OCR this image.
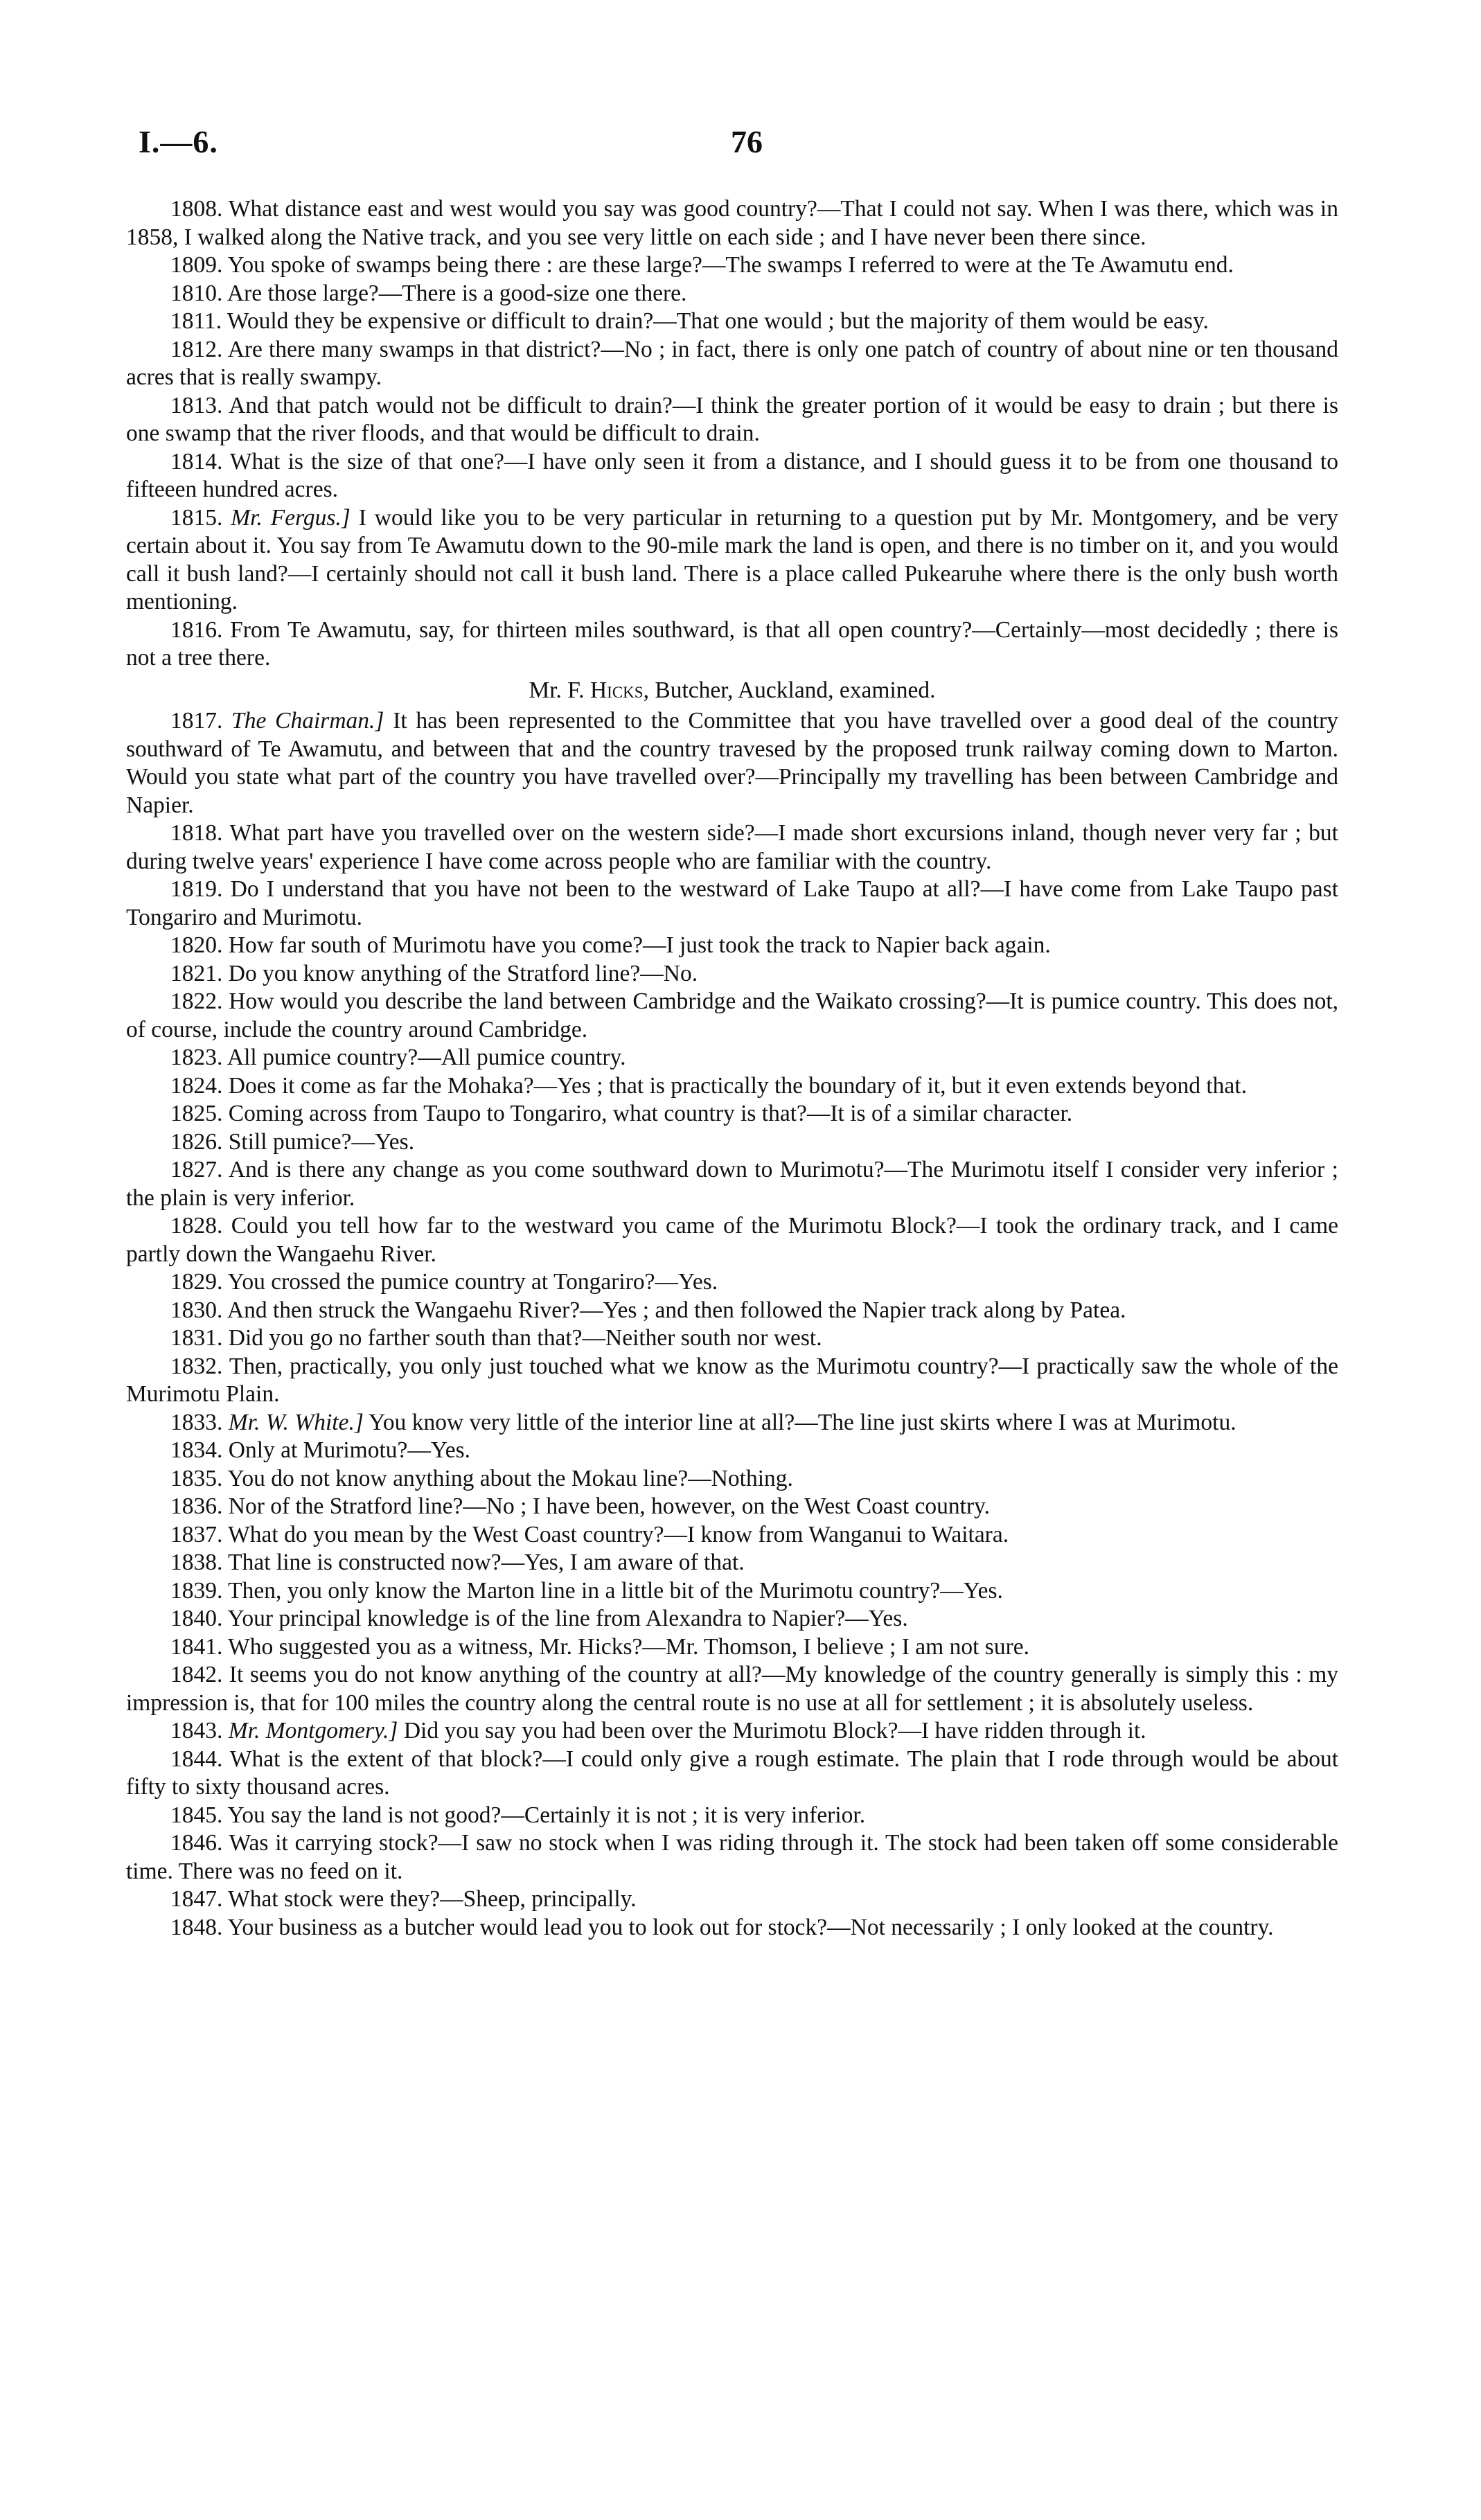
I.—6.	76

1808. What distance east and west would you say was good country?—That I could not say. When I was there, which was in 1858, I walked along the Native track, and you see very little on each side ; and I have never been there since.

1809. You spoke of swamps being there : are these large?—The swamps I referred to were at the Te Awamutu end.

1810. Are those large?—There is a good-size one there.

1811. Would they be expensive or difficult to drain?—That one would ; but the majority of them would be easy.

1812. Are there many swamps in that district?—No ; in fact, there is only one patch of country of about nine or ten thousand acres that is really swampy.

1813. And that patch would not be difficult to drain?—I think the greater portion of it would be easy to drain ; but there is one swamp that the river floods, and that would be difficult to drain.

1814. What is the size of that one?—I have only seen it from a distance, and I should guess it to be from one thousand to fifteeen hundred acres.

1815. Mr. Fergus.] I would like you to be very particular in returning to a question put by Mr. Montgomery, and be very certain about it. You say from Te Awamutu down to the 90-mile mark the land is open, and there is no timber on it, and you would call it bush land?—I certainly should not call it bush land. There is a place called Pukearuhe where there is the only bush worth mentioning.

1816. From Te Awamutu, say, for thirteen miles southward, is that all open country?—Certainly—most decidedly ; there is not a tree there.

Mr. F. Hicks, Butcher, Auckland, examined.

1817. The Chairman.] It has been represented to the Committee that you have travelled over a good deal of the country southward of Te Awamutu, and between that and the country travesed by the proposed trunk railway coming down to Marton. Would you state what part of the country you have travelled over?—Principally my travelling has been between Cambridge and Napier.

1818. What part have you travelled over on the western side?—I made short excursions inland, though never very far ; but during twelve years' experience I have come across people who are familiar with the country.

1819. Do I understand that you have not been to the westward of Lake Taupo at all?—I have come from Lake Taupo past Tongariro and Murimotu.

1820. How far south of Murimotu have you come?—I just took the track to Napier back again.

1821. Do you know anything of the Stratford line?—No.

1822. How would you describe the land between Cambridge and the Waikato crossing?—It is pumice country. This does not, of course, include the country around Cambridge.

1823. All pumice country?—All pumice country.

1824. Does it come as far the Mohaka?—Yes ; that is practically the boundary of it, but it even extends beyond that.

1825. Coming across from Taupo to Tongariro, what country is that?—It is of a similar character.

1826. Still pumice?—Yes.

1827. And is there any change as you come southward down to Murimotu?—The Murimotu itself I consider very inferior ; the plain is very inferior.

1828. Could you tell how far to the westward you came of the Murimotu Block?—I took the ordinary track, and I came partly down the Wangaehu River.

1829. You crossed the pumice country at Tongariro?—Yes.

1830. And then struck the Wangaehu River?—Yes ; and then followed the Napier track along by Patea.

1831. Did you go no farther south than that?—Neither south nor west.

1832. Then, practically, you only just touched what we know as the Murimotu country?—I practically saw the whole of the Murimotu Plain.

1833. Mr. W. White.] You know very little of the interior line at all?—The line just skirts where I was at Murimotu.

1834. Only at Murimotu?—Yes.

1835. You do not know anything about the Mokau line?—Nothing.

1836. Nor of the Stratford line?—No ; I have been, however, on the West Coast country.

1837. What do you mean by the West Coast country?—I know from Wanganui to Waitara.

1838. That line is constructed now?—Yes, I am aware of that.

1839. Then, you only know the Marton line in a little bit of the Murimotu country?—Yes.

1840. Your principal knowledge is of the line from Alexandra to Napier?—Yes.

1841. Who suggested you as a witness, Mr. Hicks?—Mr. Thomson, I believe ; I am not sure.

1842. It seems you do not know anything of the country at all?—My knowledge of the country generally is simply this : my impression is, that for 100 miles the country along the central route is no use at all for settlement ; it is absolutely useless.

1843. Mr. Montgomery.] Did you say you had been over the Murimotu Block?—I have ridden through it.

1844. What is the extent of that block?—I could only give a rough estimate. The plain that I rode through would be about fifty to sixty thousand acres.

1845. You say the land is not good?—Certainly it is not ; it is very inferior.

1846. Was it carrying stock?—I saw no stock when I was riding through it. The stock had been taken off some considerable time. There was no feed on it.

1847. What stock were they?—Sheep, principally.

1848. Your business as a butcher would lead you to look out for stock?—Not necessarily ; I only looked at the country.
